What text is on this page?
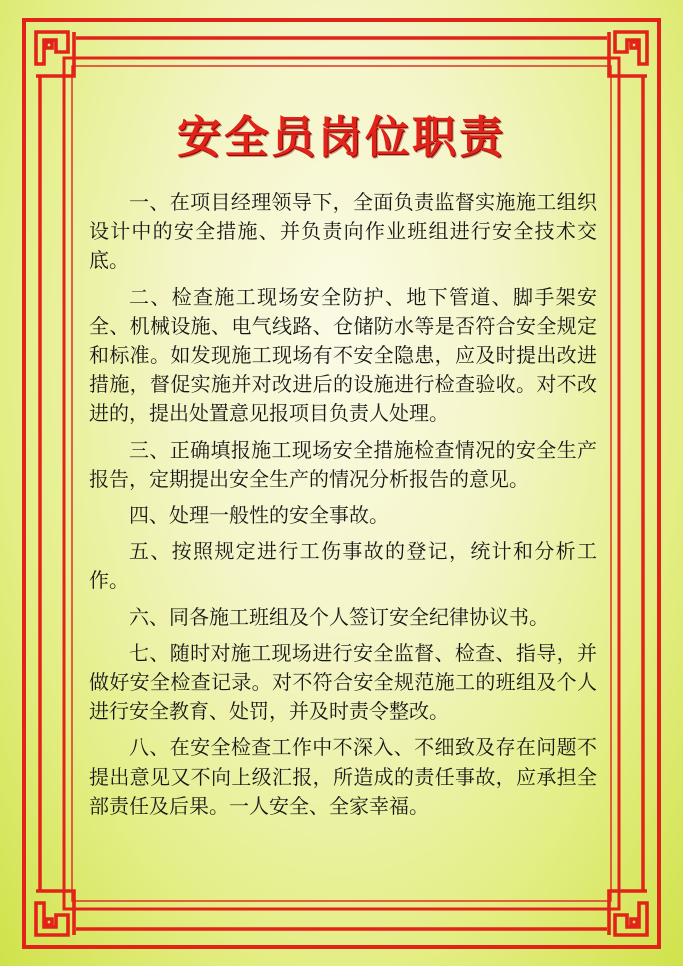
安全员岗位职责

一、在项目经理领导下，全面负责监督实施施工组织设计中的安全措施、并负责向作业班组进行安全技术交底。

二、检查施工现场安全防护、地下管道、脚手架安全、机械设施、电气线路、仓储防水等是否符合安全规定和标准。如发现施工现场有不安全隐患，应及时提出改进措施，督促实施并对改进后的设施进行检查验收。对不改进的，提出处置意见报项目负责人处理。

三、正确填报施工现场安全措施检查情况的安全生产报告，定期提出安全生产的情况分析报告的意见。

四、处理一般性的安全事故。

五、按照规定进行工伤事故的登记，统计和分析工作。

六、同各施工班组及个人签订安全纪律协议书。

七、随时对施工现场进行安全监督、检查、指导，并做好安全检查记录。对不符合安全规范施工的班组及个人进行安全教育、处罚，并及时责令整改。

八、在安全检查工作中不深入、不细致及存在问题不提出意见又不向上级汇报，所造成的责任事故，应承担全部责任及后果。一人安全、全家幸福。
